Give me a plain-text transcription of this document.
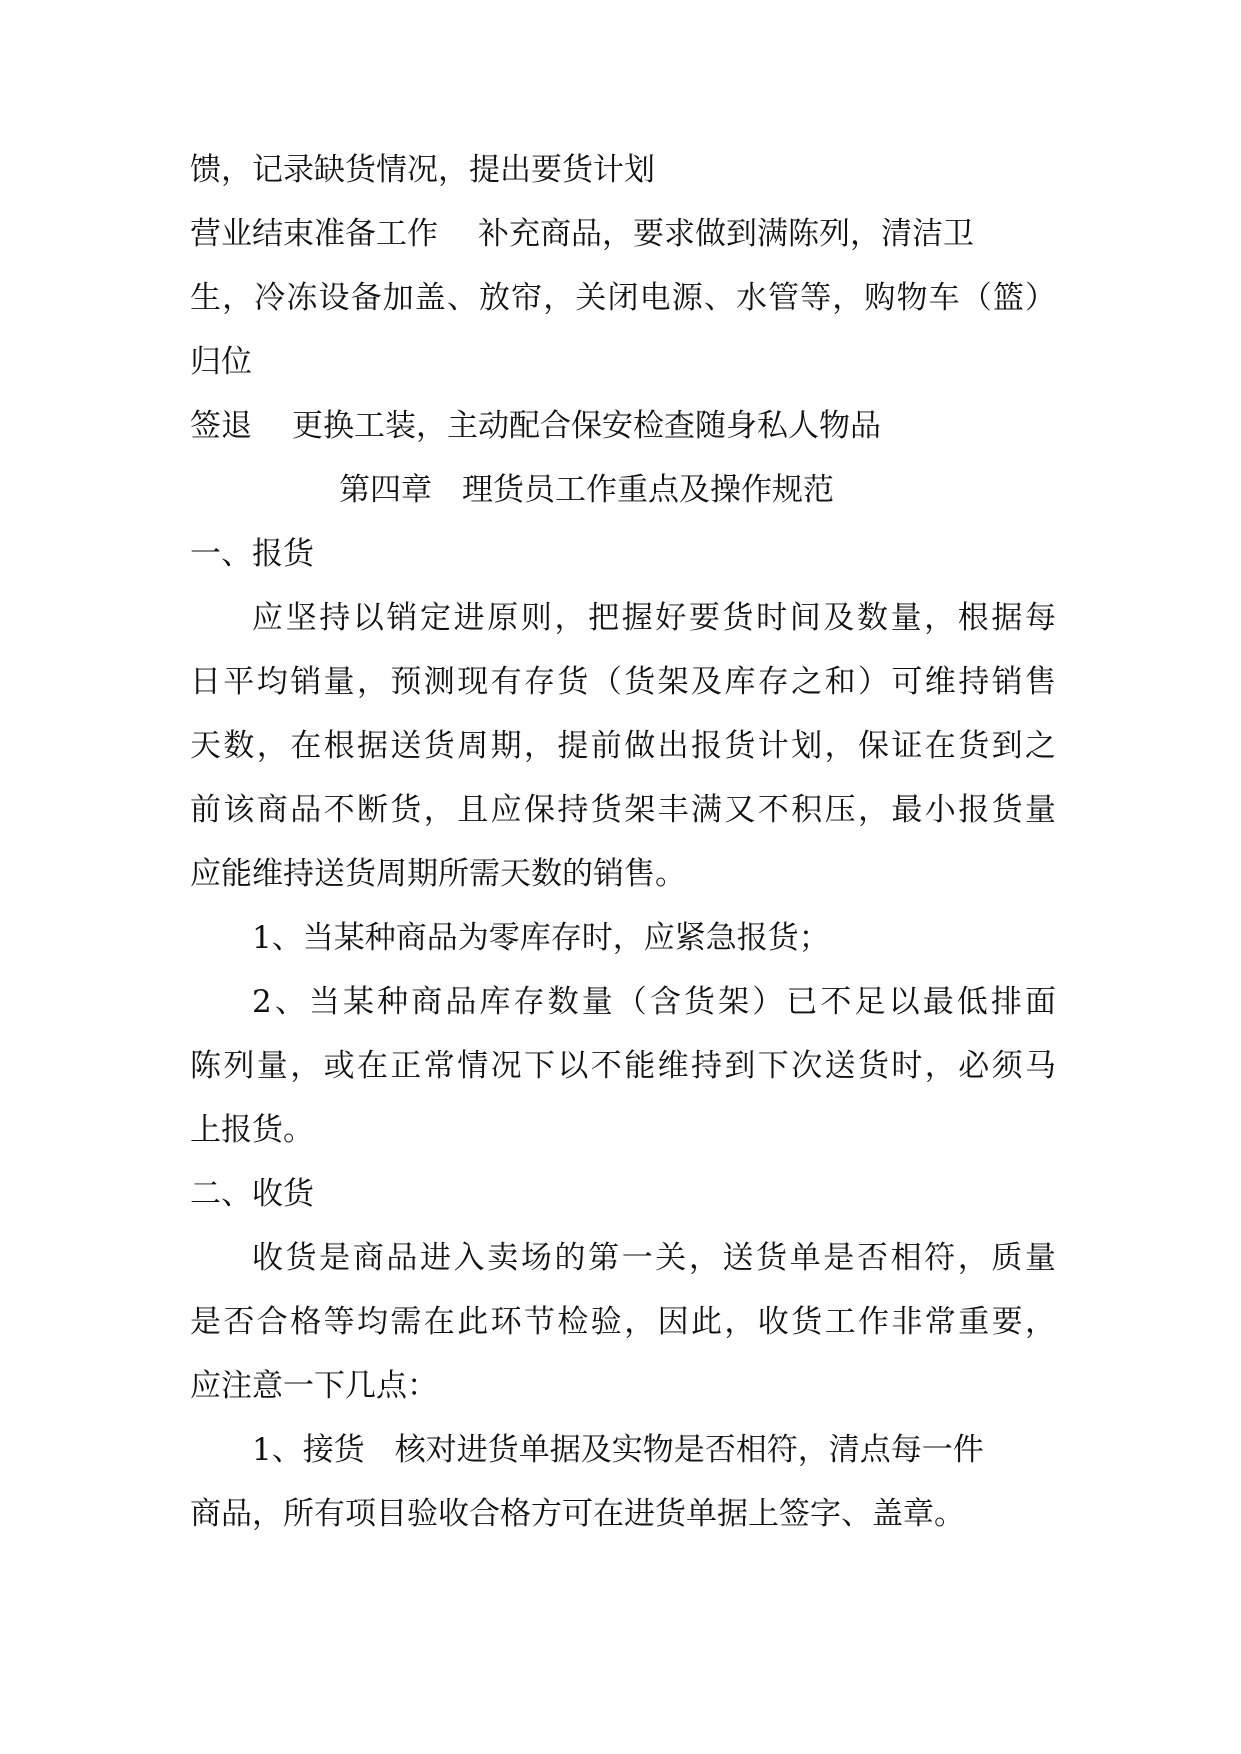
馈，记录缺货情况，提出要货计划

营业结束准备工作 补充商品，要求做到满陈列，清洁卫

生，冷冻设备加盖、放帘，关闭电源、水管等，购物车（篮）

归位

签退 更换工装，主动配合保安检查随身私人物品

第四章 理货员工作重点及操作规范

一、报货

应坚持以销定进原则，把握好要货时间及数量，根据每

日平均销量，预测现有存货（货架及库存之和）可维持销售

天数，在根据送货周期，提前做出报货计划，保证在货到之

前该商品不断货，且应保持货架丰满又不积压，最小报货量

应能维持送货周期所需天数的销售。

1、当某种商品为零库存时，应紧急报货；

2、当某种商品库存数量（含货架）已不足以最低排面

陈列量，或在正常情况下以不能维持到下次送货时，必须马

上报货。

二、收货

收货是商品进入卖场的第一关，送货单是否相符，质量

是否合格等均需在此环节检验，因此，收货工作非常重要，

应注意一下几点：

1、接货 核对进货单据及实物是否相符，清点每一件

商品，所有项目验收合格方可在进货单据上签字、盖章。
